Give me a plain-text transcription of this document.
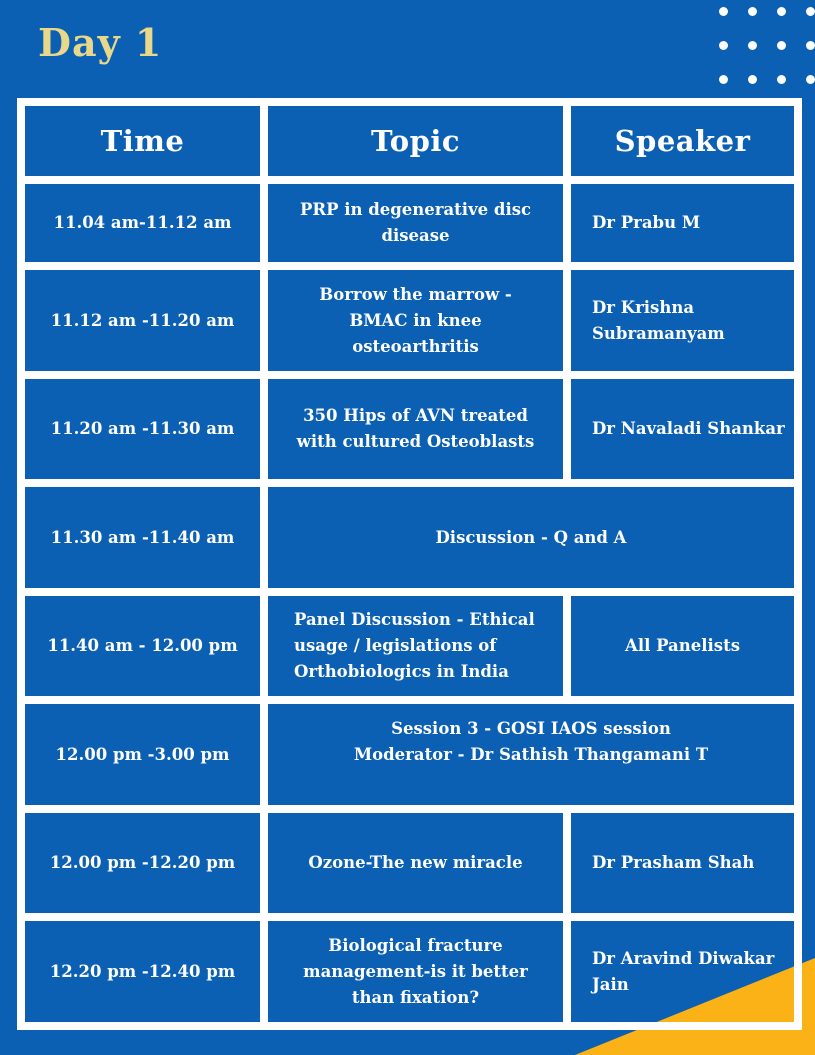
Day 1
Time	Topic	Speaker
11.04 am-11.12 am	PRP in degenerative disc disease	Dr Prabu M
11.12 am -11.20 am	Borrow the marrow - BMAC in knee osteoarthritis	Dr Krishna Subramanyam
11.20 am -11.30 am	350 Hips of AVN treated with cultured Osteoblasts	Dr Navaladi Shankar
11.30 am -11.40 am	Discussion - Q and A	
11.40 am - 12.00 pm	Panel Discussion - Ethical usage / legislations of Orthobiologics in India	All Panelists
12.00 pm -3.00 pm	Session 3 - GOSI IAOS session
Moderator - Dr Sathish Thangamani T	

12.00 pm -12.20 pm	Ozone-The new miracle	Dr Prasham Shah
12.20 pm -12.40 pm	Biological fracture management-is it better than fixation?	Dr Aravind Diwakar Jain
